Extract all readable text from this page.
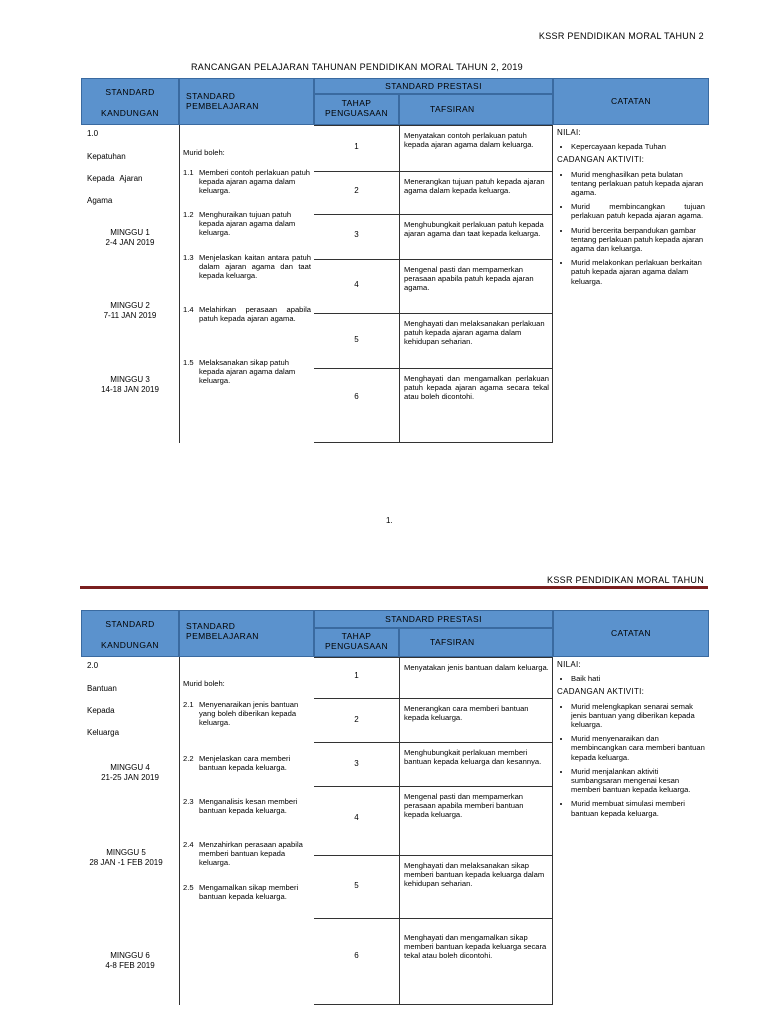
KSSR PENDIDIKAN MORAL TAHUN 2
RANCANGAN PELAJARAN TAHUNAN PENDIDIKAN MORAL TAHUN 2, 2019
STANDARD
KANDUNGAN
STANDARD
PEMBELAJARAN
STANDARD PRESTASI
TAHAP
PENGUASAAN	TAFSIRAN
CATATAN
1.0
Kepatuhan
Kepada Ajaran
Agama
MINGGU 1
2-4 JAN 2019
MINGGU 2
7-11 JAN 2019
MINGGU 3
14-18 JAN 2019
Murid boleh:
1.1 Memberi contoh perlakuan patuh kepada ajaran agama dalam keluarga.
1.2 Menghuraikan tujuan patuh kepada ajaran agama dalam keluarga.
1.3 Menjelaskan kaitan antara patuh dalam ajaran agama dan taat kepada keluarga.
1.4 Melahirkan perasaan apabila patuh kepada ajaran agama.
1.5 Melaksanakan sikap patuh kepada ajaran agama dalam keluarga.
1
Menyatakan contoh perlakuan patuh kepada ajaran agama dalam keluarga.
2
Menerangkan tujuan patuh kepada ajaran agama dalam kepada keluarga.
3
Menghubungkait perlakuan patuh kepada ajaran agama dan taat kepada keluarga.
4
Mengenal pasti dan mempamerkan perasaan apabila patuh kepada ajaran agama.
5
Menghayati dan melaksanakan perlakuan patuh kepada ajaran agama dalam kehidupan seharian.
6
Menghayati dan mengamalkan perlakuan patuh kepada ajaran agama secara tekal atau boleh dicontohi.
NILAI:
• Kepercayaan kepada Tuhan
CADANGAN AKTIVITI:
• Murid menghasilkan peta bulatan tentang perlakuan patuh kepada ajaran agama.
• Murid membincangkan tujuan perlakuan patuh kepada ajaran agama.
• Murid bercerita berpandukan gambar tentang perlakuan patuh kepada ajaran agama dan keluarga.
• Murid melakonkan perlakuan berkaitan patuh kepada ajaran agama dalam keluarga.
1.
KSSR PENDIDIKAN MORAL TAHUN
STANDARD
KANDUNGAN
STANDARD
PEMBELAJARAN
STANDARD PRESTASI
TAHAP
PENGUASAAN	TAFSIRAN
CATATAN
2.0
Bantuan
Kepada
Keluarga
MINGGU 4
21-25 JAN 2019
MINGGU 5
28 JAN -1 FEB 2019
MINGGU 6
4-8 FEB 2019
Murid boleh:
2.1 Menyenaraikan jenis bantuan yang boleh diberikan kepada keluarga.
2.2 Menjelaskan cara memberi bantuan kepada keluarga.
2.3 Menganalisis kesan memberi bantuan kepada keluarga.
2.4 Menzahirkan perasaan apabila memberi bantuan kepada keluarga.
2.5 Mengamalkan sikap memberi bantuan kepada keluarga.
1
Menyatakan jenis bantuan dalam keluarga.
2
Menerangkan cara memberi bantuan kepada keluarga.
3
Menghubungkait perlakuan memberi bantuan kepada keluarga dan kesannya.
4
Mengenal pasti dan mempamerkan perasaan apabila memberi bantuan kepada keluarga.
5
Menghayati dan melaksanakan sikap memberi bantuan kepada keluarga dalam kehidupan seharian.
6
Menghayati dan mengamalkan sikap memberi bantuan kepada keluarga secara tekal atau boleh dicontohi.
NILAI:
• Baik hati
CADANGAN AKTIVITI:
• Murid melengkapkan senarai semak jenis bantuan yang diberikan kepada keluarga.
• Murid menyenaraikan dan membincangkan cara memberi bantuan kepada keluarga.
• Murid menjalankan aktiviti sumbangsaran mengenai kesan memberi bantuan kepada keluarga.
• Murid membuat simulasi memberi bantuan kepada keluarga.
